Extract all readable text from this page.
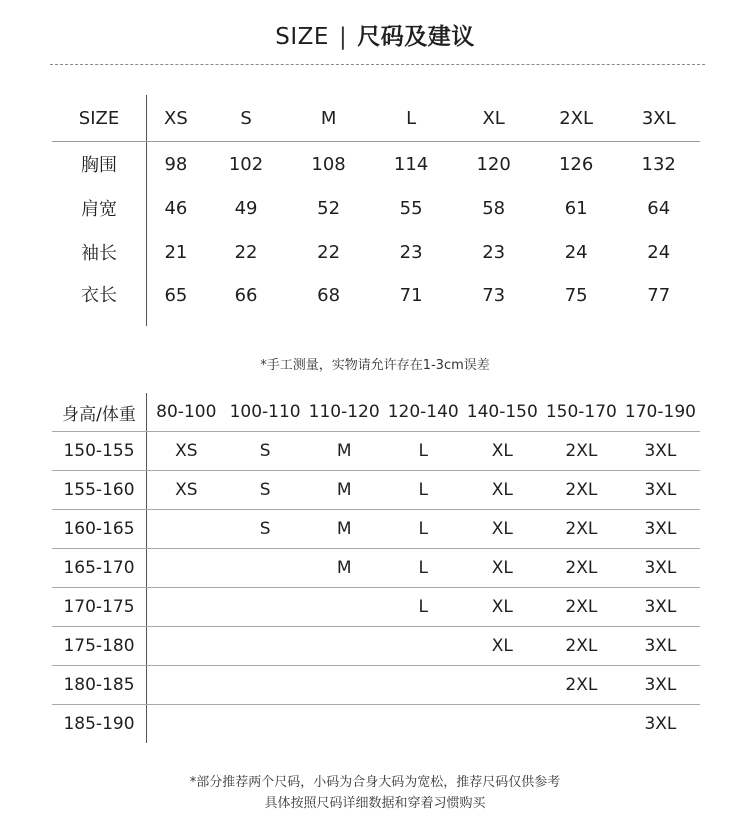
SIZE | 尺码及建议
SIZE	XS	S	M	L	XL	2XL	3XL
胸围	98	102	108	114	120	126	132
肩宽	46	49	52	55	58	61	64
袖长	21	22	22	23	23	24	24

衣长	65	66	68	71	73	75	77
*手工测量，实物请允许存在1-3cm误差
身高/体重	80-100	100-110	110-120	120-140	140-150	150-170	170-190
150-155	XS	S	M	L	XL	2XL	3XL
155-160	XS	S	M	L	XL	2XL	3XL
160-165		S	M	L	XL	2XL	3XL
165-170			M	L	XL	2XL	3XL
170-175				L	XL	2XL	3XL
175-180					XL	2XL	3XL
180-185						2XL	3XL
185-190							3XL
*部分推荐两个尺码，小码为合身大码为宽松，推荐尺码仅供参考
具体按照尺码详细数据和穿着习惯购买
